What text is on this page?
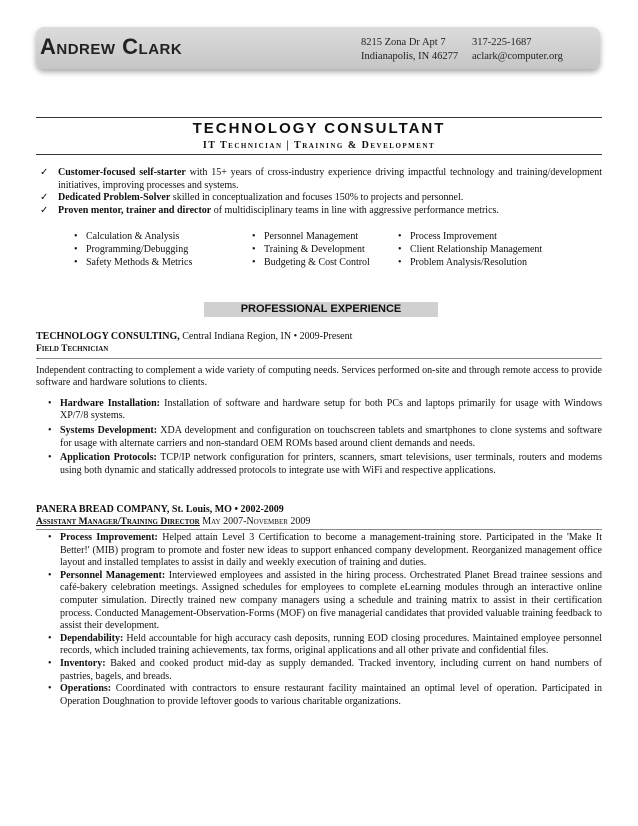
Andrew Clark	8215 Zona Dr Apt 7
Indianapolis, IN 46277
317-225-1687
aclark@computer.org
TECHNOLOGY CONSULTANT
IT Technician | Training & Development
✓ Customer-focused self-starter with 15+ years of cross-industry experience driving impactful technology and training/development initiatives, improving processes and systems.
✓ Dedicated Problem-Solver skilled in conceptualization and focuses 150% to projects and personnel.
✓ Proven mentor, trainer and director of multidisciplinary teams in line with aggressive performance metrics.
• Calculation & Analysis
• Programming/Debugging
• Safety Methods & Metrics
• Personnel Management
• Training & Development
• Budgeting & Cost Control
• Process Improvement
• Client Relationship Management
• Problem Analysis/Resolution
PROFESSIONAL EXPERIENCE
TECHNOLOGY CONSULTING, Central Indiana Region, IN • 2009-Present
Field Technician
Independent contracting to complement a wide variety of computing needs. Services performed on-site and through remote access to provide software and hardware solutions to clients.
• Hardware Installation: Installation of software and hardware setup for both PCs and laptops primarily for usage with Windows XP/7/8 systems.
• Systems Development: XDA development and configuration on touchscreen tablets and smartphones to clone systems and software for usage with alternate carriers and non-standard OEM ROMs based around client demands and needs.
• Application Protocols: TCP/IP network configuration for printers, scanners, smart televisions, user terminals, routers and modems using both dynamic and statically addressed protocols to integrate use with WiFi and respective applications.
PANERA BREAD COMPANY, St. Louis, MO • 2002-2009
Assistant Manager/Training Director May 2007-November 2009
• Process Improvement: Helped attain Level 3 Certification to become a management-training store. Participated in the 'Make It Better!' (MIB) program to promote and foster new ideas to support enhanced company development. Reorganized management office layout and installed templates to assist in daily and weekly execution of training and duties.
• Personnel Management: Interviewed employees and assisted in the hiring process. Orchestrated Planet Bread trainee sessions and café-bakery celebration meetings. Assigned schedules for employees to complete eLearning modules through an interactive online computer simulation. Directly trained new company managers using a schedule and training matrix to assist in their certification process. Conducted Management-Observation-Forms (MOF) on five managerial candidates that provided valuable training feedback to assist their development.
• Dependability: Held accountable for high accuracy cash deposits, running EOD closing procedures. Maintained employee personnel records, which included training achievements, tax forms, original applications and all other private and confidential files.
• Inventory: Baked and cooked product mid-day as supply demanded. Tracked inventory, including current on hand numbers of pastries, bagels, and breads.
• Operations: Coordinated with contractors to ensure restaurant facility maintained an optimal level of operation. Participated in Operation Doughnation to provide leftover goods to various charitable organizations.
